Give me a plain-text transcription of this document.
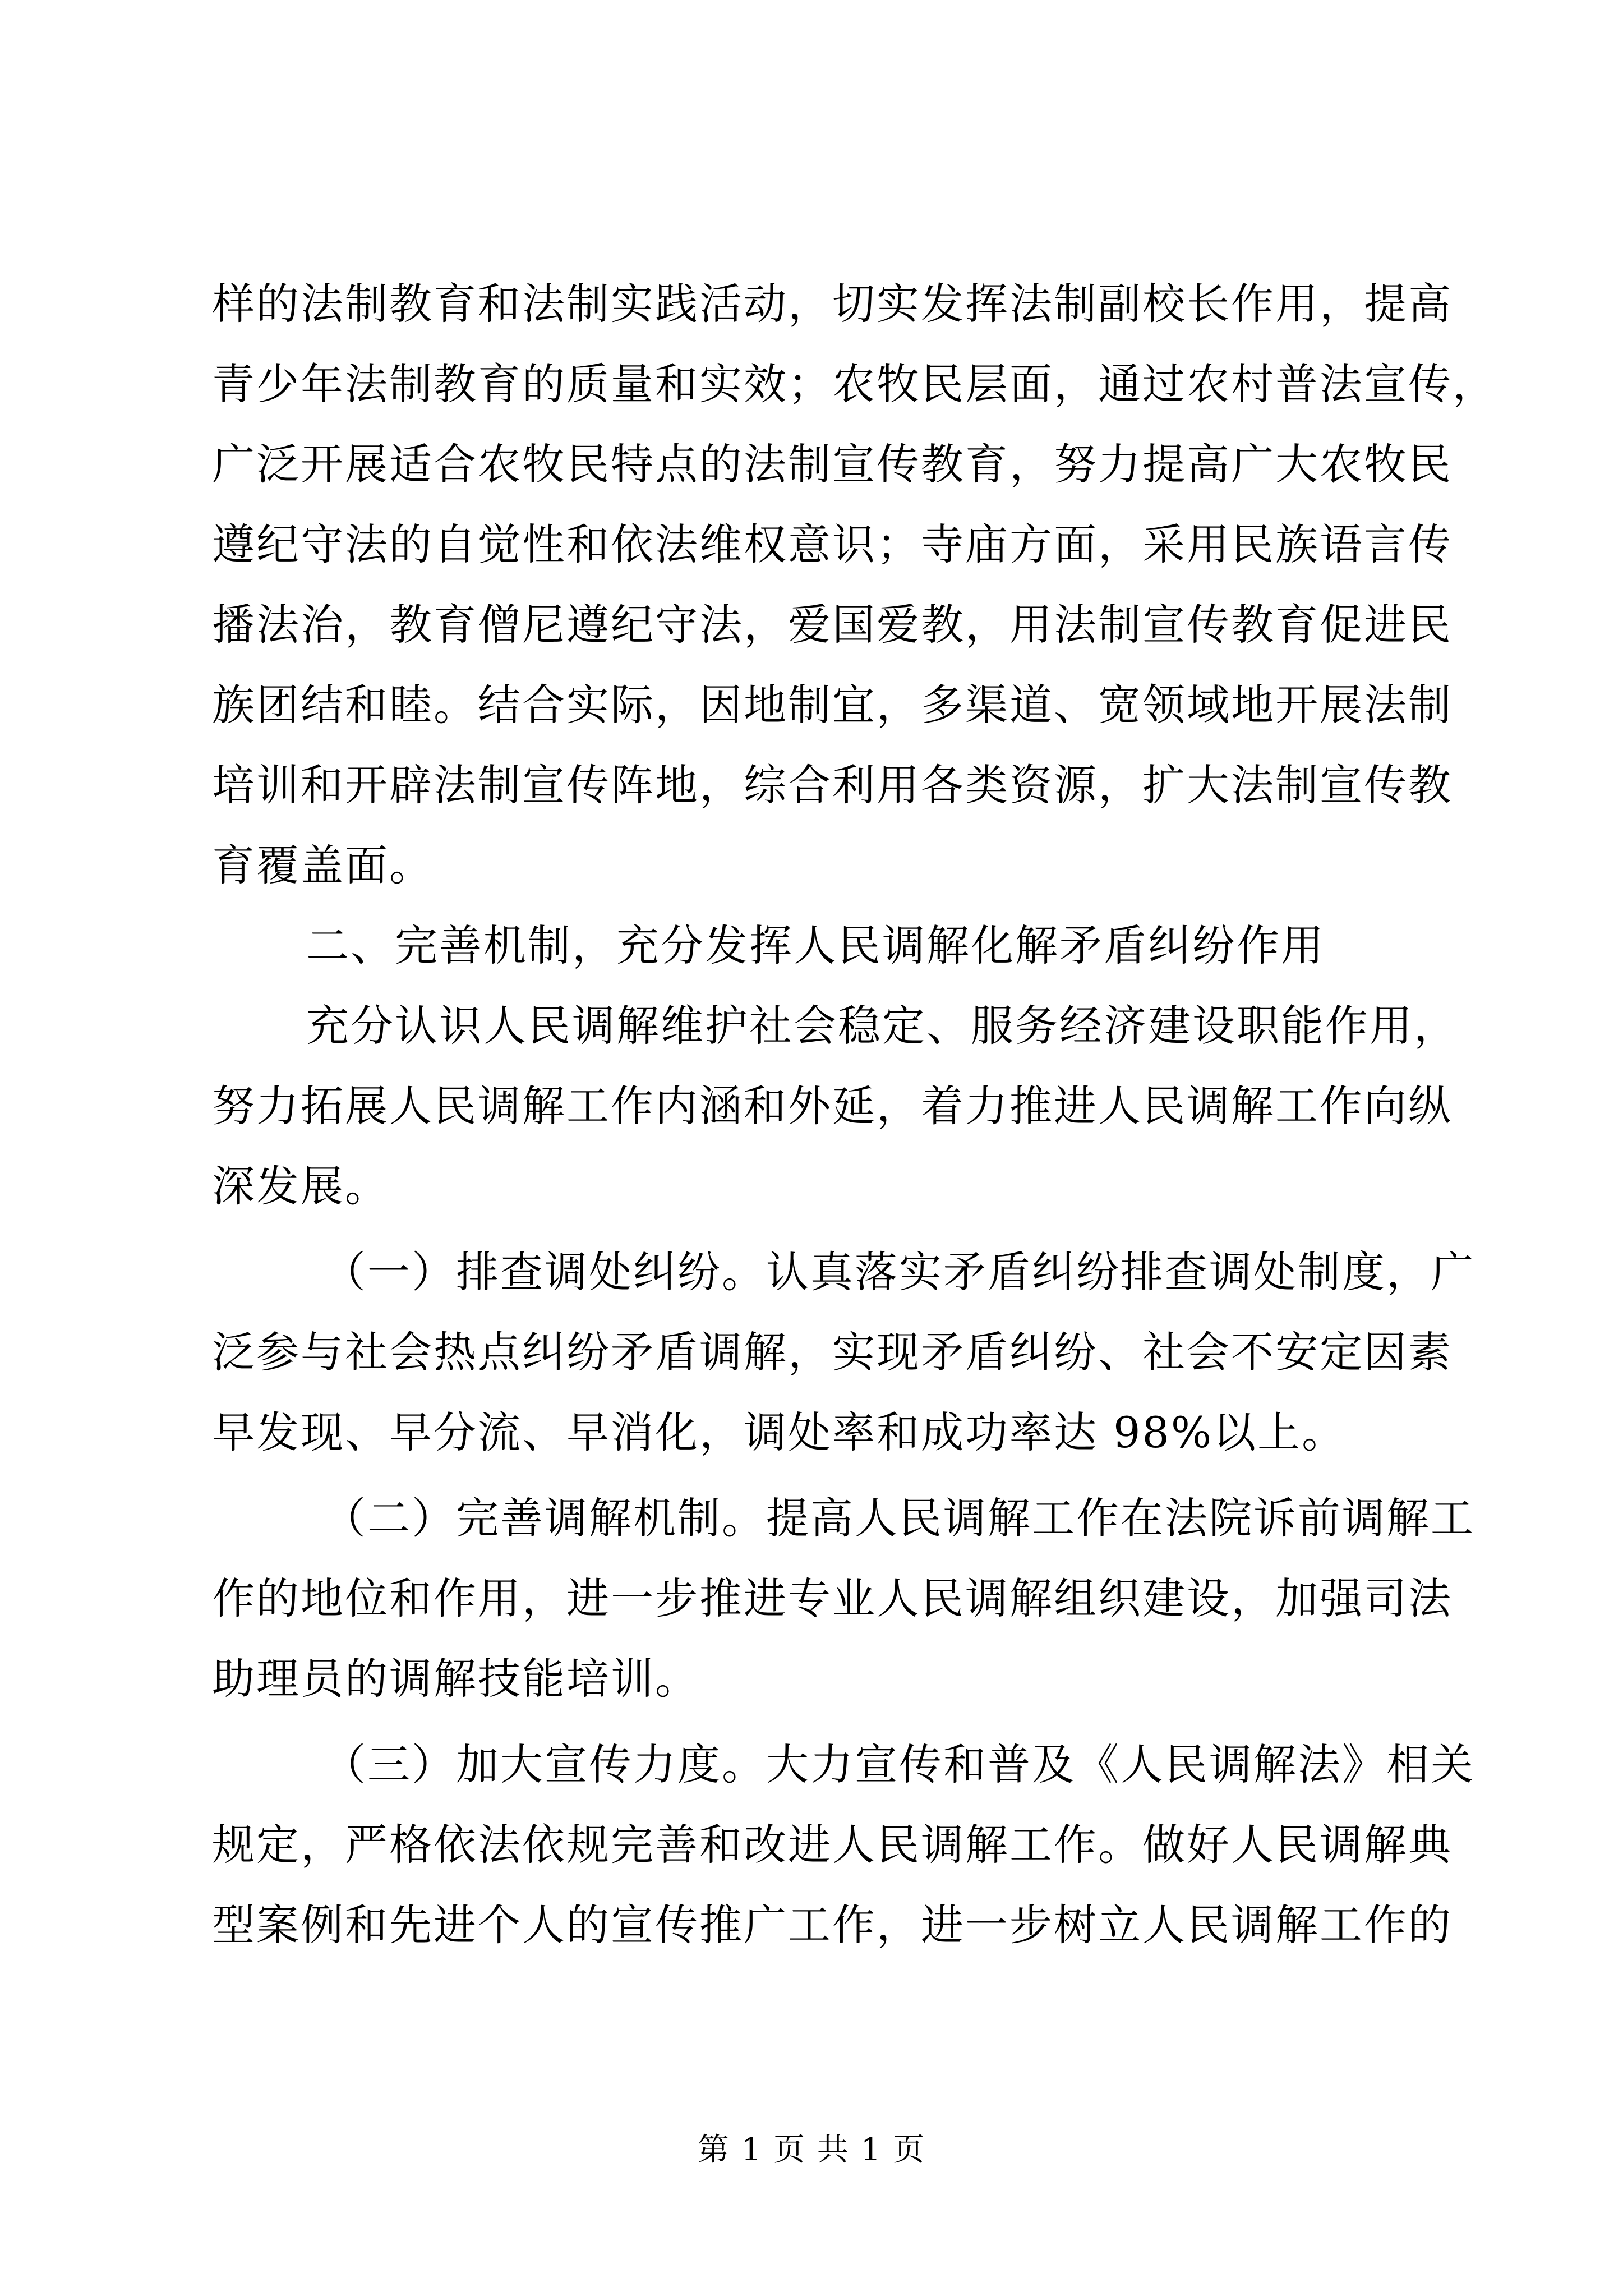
样的法制教育和法制实践活动，切实发挥法制副校长作用，提高
青少年法制教育的质量和实效；农牧民层面，通过农村普法宣传，
广泛开展适合农牧民特点的法制宣传教育，努力提高广大农牧民
遵纪守法的自觉性和依法维权意识；寺庙方面，采用民族语言传
播法治，教育僧尼遵纪守法，爱国爱教，用法制宣传教育促进民
族团结和睦。结合实际，因地制宜，多渠道、宽领域地开展法制
培训和开辟法制宣传阵地，综合利用各类资源，扩大法制宣传教
育覆盖面。
二、完善机制，充分发挥人民调解化解矛盾纠纷作用
充分认识人民调解维护社会稳定、服务经济建设职能作用，
努力拓展人民调解工作内涵和外延，着力推进人民调解工作向纵
深发展。
（一）排查调处纠纷。认真落实矛盾纠纷排查调处制度，广
泛参与社会热点纠纷矛盾调解，实现矛盾纠纷、社会不安定因素
早发现、早分流、早消化，调处率和成功率达 98%以上。
（二）完善调解机制。提高人民调解工作在法院诉前调解工
作的地位和作用，进一步推进专业人民调解组织建设，加强司法
助理员的调解技能培训。
（三）加大宣传力度。大力宣传和普及《人民调解法》相关
规定，严格依法依规完善和改进人民调解工作。做好人民调解典
型案例和先进个人的宣传推广工作，进一步树立人民调解工作的
第 1 页 共 1 页
